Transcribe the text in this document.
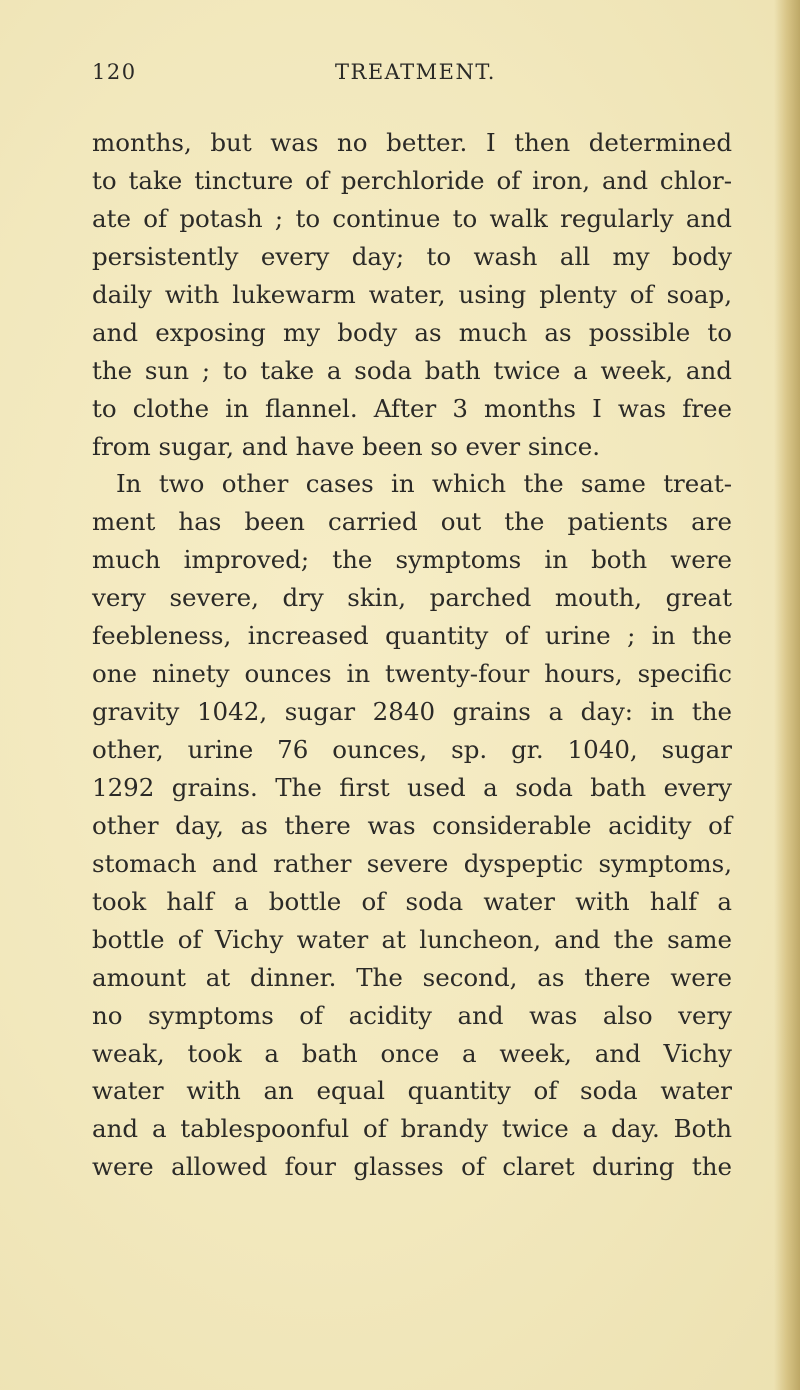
120	TREATMENT.
months, but was no better. I then determined
to take tincture of perchloride of iron, and chlor-
ate of potash ; to continue to walk regularly and
persistently every day; to wash all my body
daily with lukewarm water, using plenty of soap,
and exposing my body as much as possible to
the sun ; to take a soda bath twice a week, and
to clothe in flannel. After 3 months I was free
from sugar, and have been so ever since.
In two other cases in which the same treat-
ment has been carried out the patients are
much improved; the symptoms in both were
very severe, dry skin, parched mouth, great
feebleness, increased quantity of urine ; in the
one ninety ounces in twenty-four hours, specific
gravity 1042, sugar 2840 grains a day: in the
other, urine 76 ounces, sp. gr. 1040, sugar
1292 grains. The first used a soda bath every
other day, as there was considerable acidity of
stomach and rather severe dyspeptic symptoms,
took half a bottle of soda water with half a
bottle of Vichy water at luncheon, and the same
amount at dinner. The second, as there were
no symptoms of acidity and was also very
weak, took a bath once a week, and Vichy
water with an equal quantity of soda water
and a tablespoonful of brandy twice a day. Both
were allowed four glasses of claret during the
